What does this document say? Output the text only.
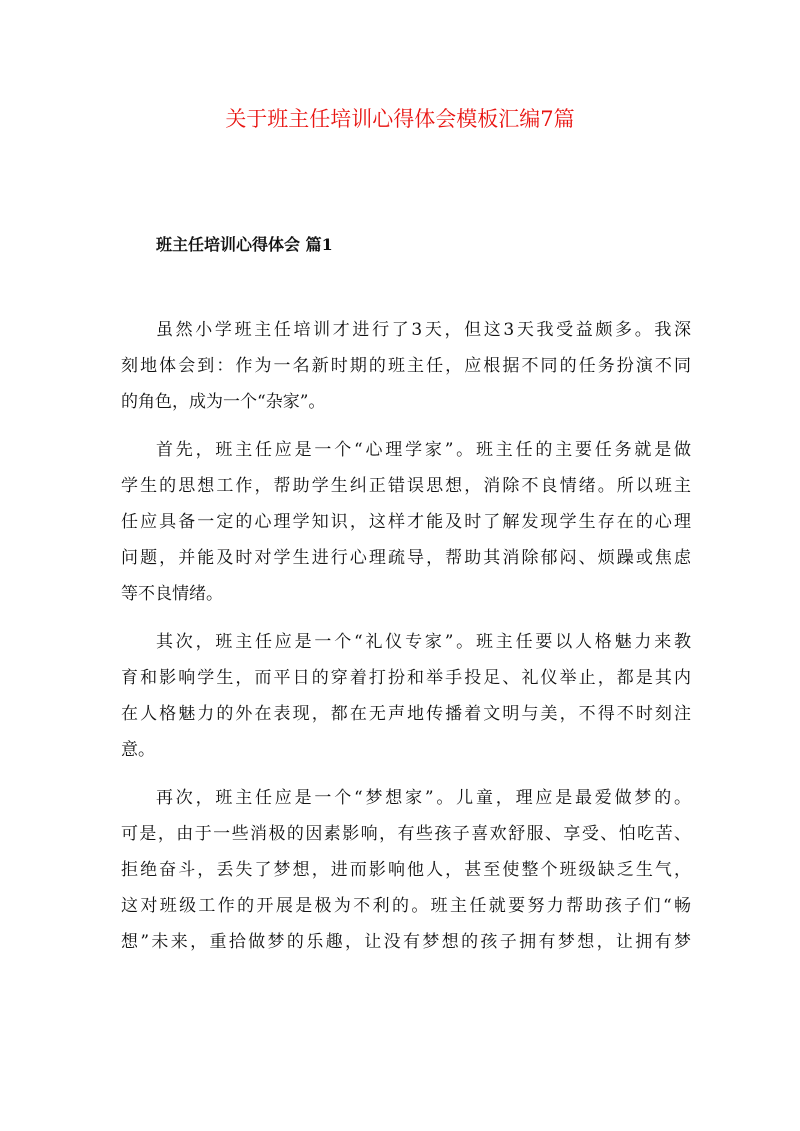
关于班主任培训心得体会模板汇编7篇
班主任培训心得体会 篇1
虽然小学班主任培训才进行了3天，但这3天我受益颇多。我深
刻地体会到：作为一名新时期的班主任，应根据不同的任务扮演不同
的角色，成为一个“杂家”。
首先，班主任应是一个“心理学家”。班主任的主要任务就是做
学生的思想工作，帮助学生纠正错误思想，消除不良情绪。所以班主
任应具备一定的心理学知识，这样才能及时了解发现学生存在的心理
问题，并能及时对学生进行心理疏导，帮助其消除郁闷、烦躁或焦虑
等不良情绪。
其次，班主任应是一个“礼仪专家”。班主任要以人格魅力来教
育和影响学生，而平日的穿着打扮和举手投足、礼仪举止，都是其内
在人格魅力的外在表现，都在无声地传播着文明与美，不得不时刻注
意。
再次，班主任应是一个“梦想家”。儿童，理应是最爱做梦的。
可是，由于一些消极的因素影响，有些孩子喜欢舒服、享受、怕吃苦、
拒绝奋斗，丢失了梦想，进而影响他人，甚至使整个班级缺乏生气，
这对班级工作的开展是极为不利的。班主任就要努力帮助孩子们“畅
想”未来，重拾做梦的乐趣，让没有梦想的孩子拥有梦想，让拥有梦
